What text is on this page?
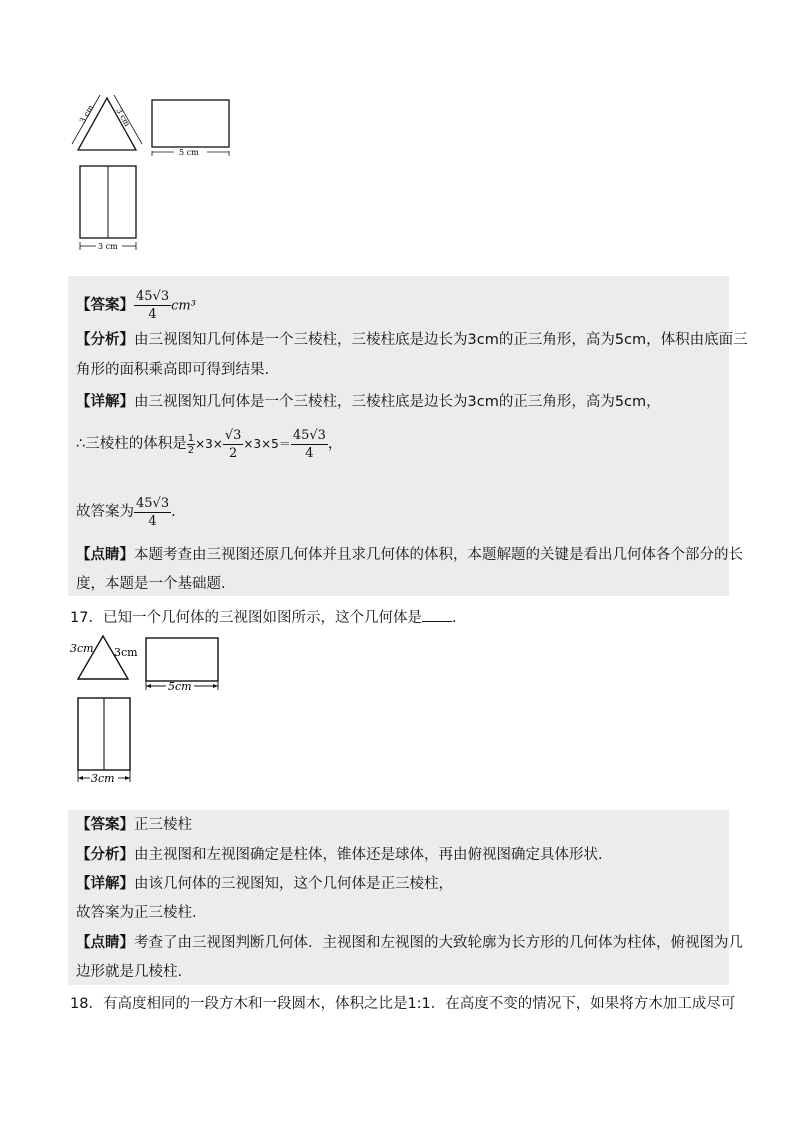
3 cm 3 cm
5 cm
3 cm
【答案】 $\frac{45√3}{4} cm^3$
【分析】由三视图知几何体是一个三棱柱，三棱柱底是边长为3cm的正三角形，高为5cm，体积由底面三
角形的面积乘高即可得到结果.
【详解】由三视图知几何体是一个三棱柱，三棱柱底是边长为3cm的正三角形，高为5cm，
∴三棱柱的体积是 $\frac{1}{2} \times 3\times \frac{√3}{2} \times 3\times 5= \frac{45√3}{4}$ ，
故答案为 $\frac{45√3}{4}$ .
【点睛】本题考查由三视图还原几何体并且求几何体的体积，本题解题的关键是看出几何体各个部分的长
度，本题是一个基础题.
17．已知一个几何体的三视图如图所示，这个几何体是 .
3cm 3cm
5cm
3cm
【答案】正三棱柱
【分析】由主视图和左视图确定是柱体，锥体还是球体，再由俯视图确定具体形状.
【详解】由该几何体的三视图知，这个几何体是正三棱柱，
故答案为正三棱柱.
【点睛】考查了由三视图判断几何体．主视图和左视图的大致轮廓为长方形的几何体为柱体，俯视图为几
边形就是几棱柱.
18．有高度相同的一段方木和一段圆木，体积之比是1:1．在高度不变的情况下，如果将方木加工成尽可
